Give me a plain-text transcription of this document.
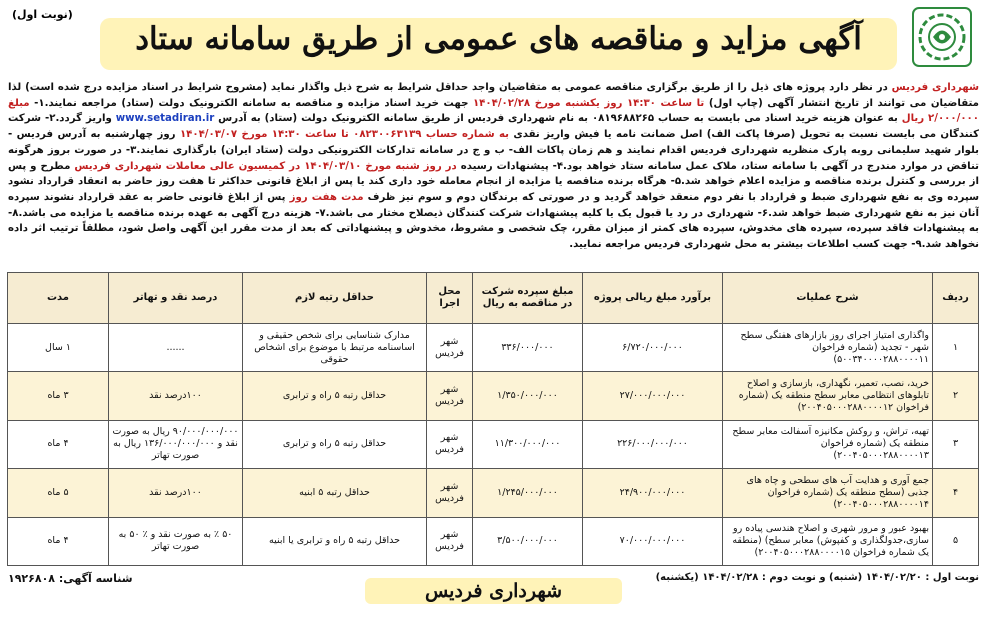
(نوبت اول)
آگهی مزاید و مناقصه های عمومی از طریق سامانه ستاد
شهرداری فردیس در نظر دارد پروژه های ذیل را از طریق برگزاری مناقصه عمومی به متقاضیان واجد حداقل شرایط به شرح ذیل واگذار نماید (مشروح شرایط در اسناد مزایده درج شده است) لذا متقاضیان می توانند از تاریخ انتشار آگهی (چاپ اول) تا ساعت ۱۴:۳۰ روز یکشنبه مورخ ۱۴۰۴/۰۲/۲۸ جهت خرید اسناد مزایده و مناقصه به سامانه الکترونیک دولت (ستاد) مراجعه نمایند.۱- مبلغ ۲/۰۰۰/۰۰۰ ریال به عنوان هزینه خرید اسناد می بایست به حساب ۰۸۱۹۶۸۸۲۶۵ به نام شهرداری فردیس از طریق سامانه الکترونیک دولت (ستاد) به آدرس www.setadiran.ir واریز گردد.۲- شرکت کنندگان می بایست نسبت به تحویل (صرفا پاکت الف) اصل ضمانت نامه یا فیش واریز نقدی به شماره حساب ۰۸۲۳۰۰۶۳۱۳۹ تا ساعت ۱۴:۳۰ مورخ ۱۴۰۴/۰۳/۰۷ روز چهارشنبه به آدرس فردیس - بلوار شهید سلیمانی روبه پارک منظریه شهرداری فردیس اقدام نمایند و هم زمان پاکات الف- ب و ج در سامانه تدارکات الکترونیکی دولت (ستاد ایران) بارگذاری نمایند.۳- در صورت بروز هرگونه تناقض در موارد مندرج در آگهی با سامانه ستاد، ملاک عمل سامانه ستاد خواهد بود.۴- پیشنهادات رسیده در روز شنبه مورخ ۱۴۰۴/۰۳/۱۰ در کمیسیون عالی معاملات شهرداری فردیس مطرح و پس از بررسی و کنترل برنده مناقصه و مزایده اعلام خواهد شد.۵- هرگاه برنده مناقصه یا مزایده از انجام معامله خود داری کند یا پس از ابلاغ قانونی حداکثر تا هفت روز حاضر به انعقاد قرارداد نشود سپرده وی به نفع شهرداری ضبط و قرارداد با نفر دوم منعقد خواهد گردید و در صورتی که برندگان دوم و سوم نیز ظرف مدت هفت روز پس از ابلاغ قانونی حاضر به عقد قرارداد نشوند سپرده آنان نیز به نفع شهرداری ضبط خواهد شد.۶- شهرداری در رد یا قبول یک یا کلیه پیشنهادات شرکت کنندگان ذیصلاح مختار می باشد.۷- هزینه درج آگهی به عهده برنده مناقصه یا مزایده می باشد.۸- به پیشنهادات فاقد سپرده، سپرده های مخدوش، سپرده های کمتر از میزان مقرر، چک شخصی و مشروط، مخدوش و پیشنهاداتی که بعد از مدت مقرر این آگهی واصل شود، مطلقاً ترتیب اثر داده نخواهد شد.۹- جهت کسب اطلاعات بیشتر به محل شهرداری فردیس مراجعه نمایید.
ردیف	شرح عملیات	برآورد مبلغ ریالی پروژه	مبلغ سپرده شرکت در مناقصه به ریال	محل اجرا	حداقل رتبه لازم	درصد نقد و تهاتر	مدت
۱	واگذاری امتیاز اجرای روز بازارهای هفتگی سطح شهر - تجدید (شماره فراخوان ۵۰۰۳۴۰۰۰۰۲۸۸۰۰۰۰۱۱)	۶/۷۲۰/۰۰۰/۰۰۰	۳۳۶/۰۰۰/۰۰۰	شهر فردیس	مدارک شناسایی برای شخص حقیقی و اساسنامه مرتبط با موضوع برای اشخاص حقوقی	......	۱ سال
۲	خرید، نصب، تعمیر، نگهداری، بازسازی و اصلاح تابلوهای انتظامی معابر سطح منطقه یک (شماره فراخوان ۲۰۰۴۰۵۰۰۰۲۸۸۰۰۰۰۱۲)	۲۷/۰۰۰/۰۰۰/۰۰۰	۱/۳۵۰/۰۰۰/۰۰۰	شهر فردیس	حداقل رتبه ۵ راه و ترابری	۱۰۰درصد نقد	۳ ماه
۳	تهیه، تراش، و روکش مکانیزه آسفالت معابر سطح منطقه یک (شماره فراخوان ۲۰۰۴۰۵۰۰۰۲۸۸۰۰۰۰۱۳)	۲۲۶/۰۰۰/۰۰۰/۰۰۰	۱۱/۳۰۰/۰۰۰/۰۰۰	شهر فردیس	حداقل رتبه ۵ راه و ترابری	۹۰/۰۰۰/۰۰۰/۰۰۰ ریال به صورت نقد و ۱۳۶/۰۰۰/۰۰۰/۰۰۰ ریال به صورت تهاتر	۴ ماه
۴	جمع آوری و هدایت آب های سطحی و چاه های جذبی (سطح منطقه یک (شماره فراخوان ۲۰۰۴۰۵۰۰۰۲۸۸۰۰۰۰۱۴)	۲۴/۹۰۰/۰۰۰/۰۰۰	۱/۲۴۵/۰۰۰/۰۰۰	شهر فردیس	حداقل رتبه ۵ ابنیه	۱۰۰درصد نقد	۵ ماه
۵	بهبود عبور و مرور شهری و اصلاح هندسی پیاده رو سازی،جدولگذاری و کفپوش) معابر سطح) (منطقه یک شماره فراخوان ۲۰۰۴۰۵۰۰۰۲۸۸۰۰۰۰۱۵)	۷۰/۰۰۰/۰۰۰/۰۰۰	۳/۵۰۰/۰۰۰/۰۰۰	شهر فردیس	حداقل رتبه ۵ راه و ترابری یا ابنیه	۵۰ ٪ به صورت نقد و ٪ ۵۰ به صورت تهاتر	۴ ماه
نوبت اول : ۱۴۰۴/۰۲/۲۰ (شنبه) و نوبت دوم : ۱۴۰۴/۰۲/۲۸ (یکشنبه)
شهرداری فردیس
شناسه آگهی: ۱۹۲۶۸۰۸
